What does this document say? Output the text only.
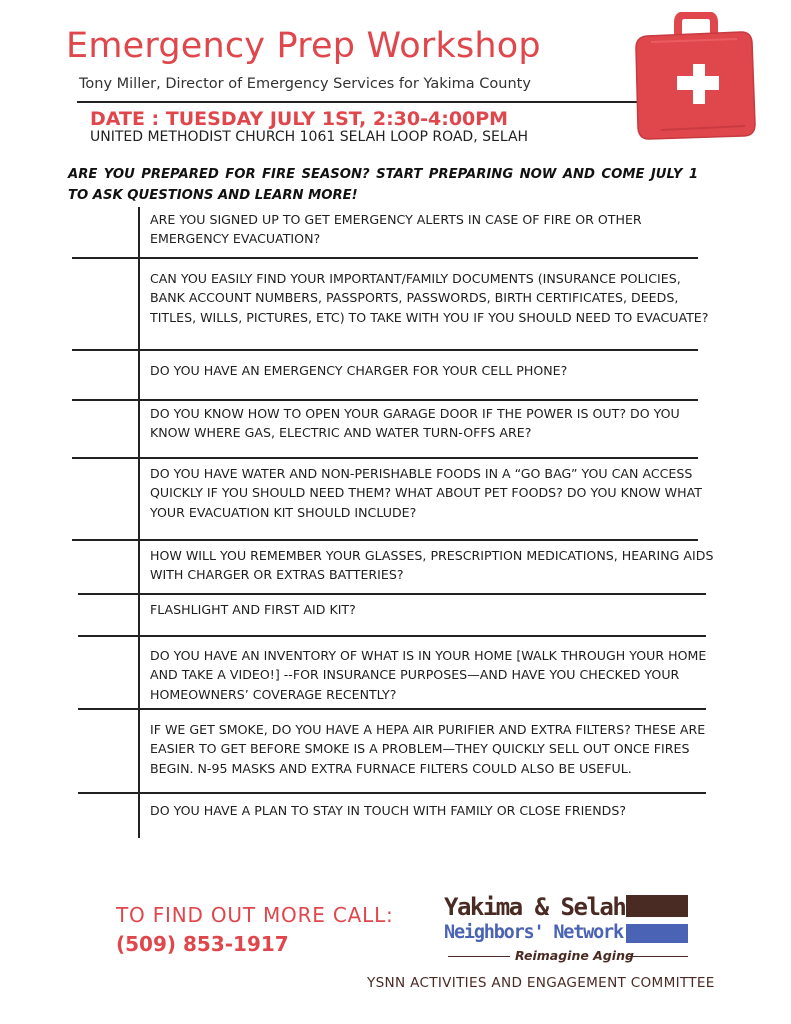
Emergency Prep Workshop
Tony Miller, Director of Emergency Services for Yakima County
DATE : TUESDAY JULY 1ST, 2:30-4:00PM
UNITED METHODIST CHURCH 1061 SELAH LOOP ROAD, SELAH
ARE YOU PREPARED FOR FIRE SEASON? START PREPARING NOW AND COME JULY 1 TO ASK QUESTIONS AND LEARN MORE!
ARE YOU SIGNED UP TO GET EMERGENCY ALERTS IN CASE OF FIRE OR OTHER EMERGENCY EVACUATION?
CAN YOU EASILY FIND YOUR IMPORTANT/FAMILY DOCUMENTS (INSURANCE POLICIES, BANK ACCOUNT NUMBERS, PASSPORTS, PASSWORDS, BIRTH CERTIFICATES, DEEDS, TITLES, WILLS, PICTURES, ETC) TO TAKE WITH YOU IF YOU SHOULD NEED TO EVACUATE?
DO YOU HAVE AN EMERGENCY CHARGER FOR YOUR CELL PHONE?
DO YOU KNOW HOW TO OPEN YOUR GARAGE DOOR IF THE POWER IS OUT? DO YOU KNOW WHERE GAS, ELECTRIC AND WATER TURN-OFFS ARE?
DO YOU HAVE WATER AND NON-PERISHABLE FOODS IN A “GO BAG” YOU CAN ACCESS QUICKLY IF YOU SHOULD NEED THEM? WHAT ABOUT PET FOODS? DO YOU KNOW WHAT YOUR EVACUATION KIT SHOULD INCLUDE?
HOW WILL YOU REMEMBER YOUR GLASSES, PRESCRIPTION MEDICATIONS, HEARING AIDS WITH CHARGER OR EXTRAS BATTERIES?
FLASHLIGHT AND FIRST AID KIT?
DO YOU HAVE AN INVENTORY OF WHAT IS IN YOUR HOME [WALK THROUGH YOUR HOME AND TAKE A VIDEO!] --FOR INSURANCE PURPOSES—AND HAVE YOU CHECKED YOUR HOMEOWNERS’ COVERAGE RECENTLY?
IF WE GET SMOKE, DO YOU HAVE A HEPA AIR PURIFIER AND EXTRA FILTERS? THESE ARE EASIER TO GET BEFORE SMOKE IS A PROBLEM—THEY QUICKLY SELL OUT ONCE FIRES BEGIN. N-95 MASKS AND EXTRA FURNACE FILTERS COULD ALSO BE USEFUL.
DO YOU HAVE A PLAN TO STAY IN TOUCH WITH FAMILY OR CLOSE FRIENDS?
TO FIND OUT MORE CALL:
(509) 853-1917
Yakima & Selah
Neighbors' Network
Reimagine Aging
YSNN ACTIVITIES AND ENGAGEMENT COMMITTEE
